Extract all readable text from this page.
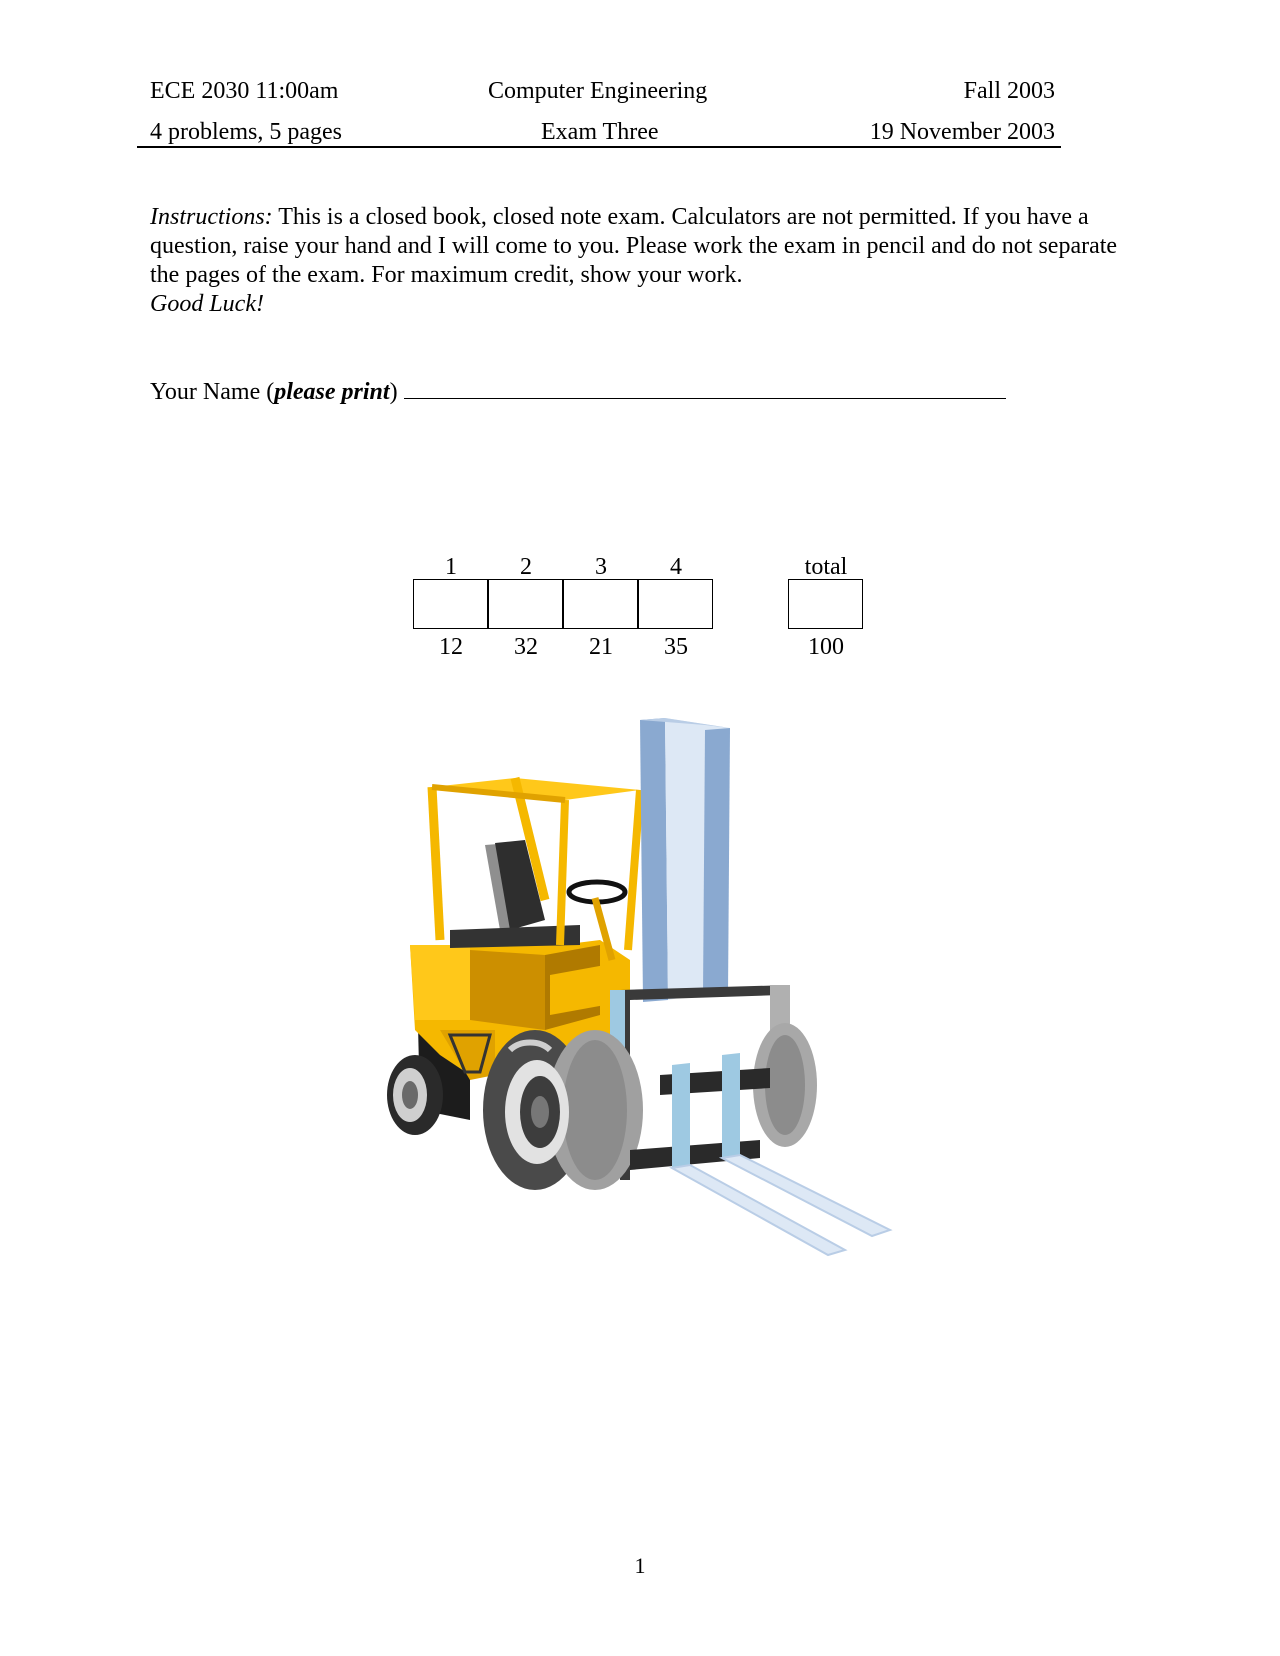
ECE 2030 11:00am	Computer Engineering	Fall 2003
4 problems, 5 pages	Exam Three	19 November 2003
Instructions: This is a closed book, closed note exam. Calculators are not permitted. If you have a question, raise your hand and I will come to you. Please work the exam in pencil and do not separate the pages of the exam. For maximum credit, show your work.
Good Luck!
Your Name (please print)
1	2	3	4	total
12	32	21	35	100
1
